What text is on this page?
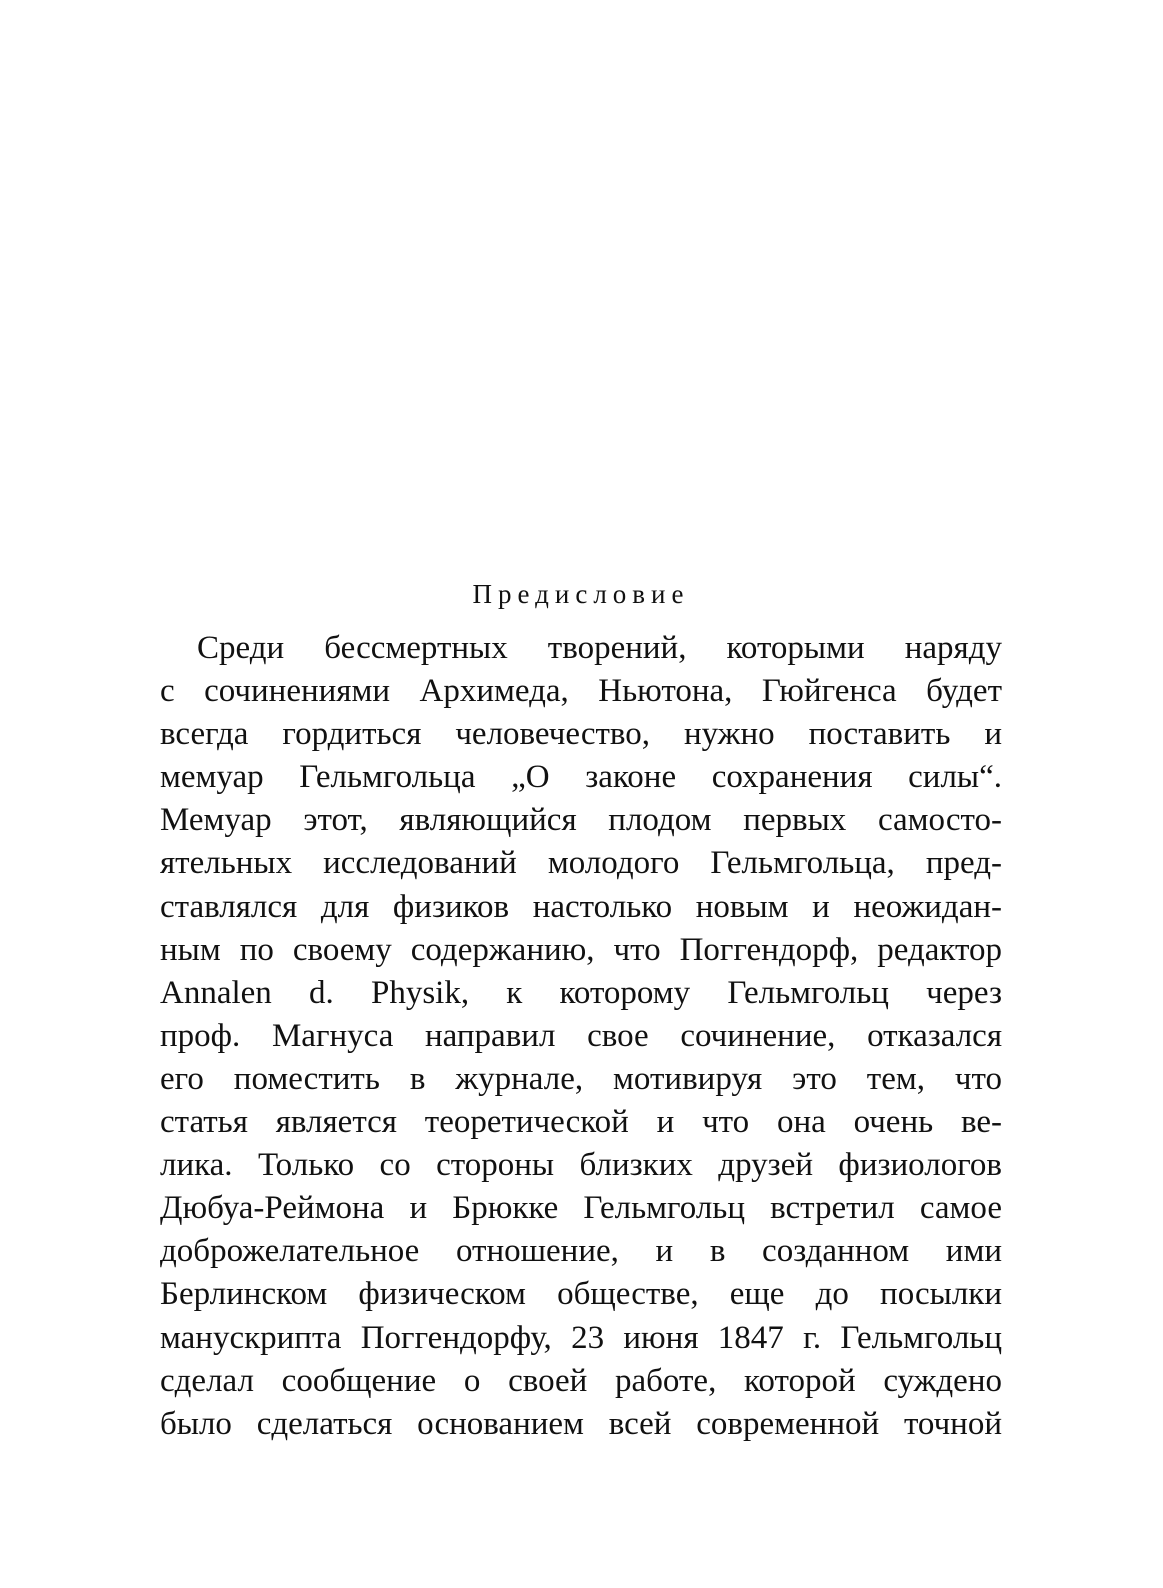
Предисловие
Среди бессмертных творений, которыми наряду
с сочинениями Архимеда, Ньютона, Гюйгенса будет
всегда гордиться человечество, нужно поставить и
мемуар Гельмгольца „О законе сохранения силы“.
Мемуар этот, являющийся плодом первых самосто-
ятельных исследований молодого Гельмгольца, пред-
ставлялся для физиков настолько новым и неожидан-
ным по своему содержанию, что Поггендорф, редактор
Annalen d. Physik, к которому Гельмгольц через
проф. Магнуса направил свое сочинение, отказался
его поместить в журнале, мотивируя это тем, что
статья является теоретической и что она очень ве-
лика. Только со стороны близких друзей физиологов
Дюбуа-Реймона и Брюкке Гельмгольц встретил самое
доброжелательное отношение, и в созданном ими
Берлинском физическом обществе, еще до посылки
манускрипта Поггендорфу, 23 июня 1847 г. Гельмгольц
сделал сообщение о своей работе, которой суждено
было сделаться основанием всей современной точной
